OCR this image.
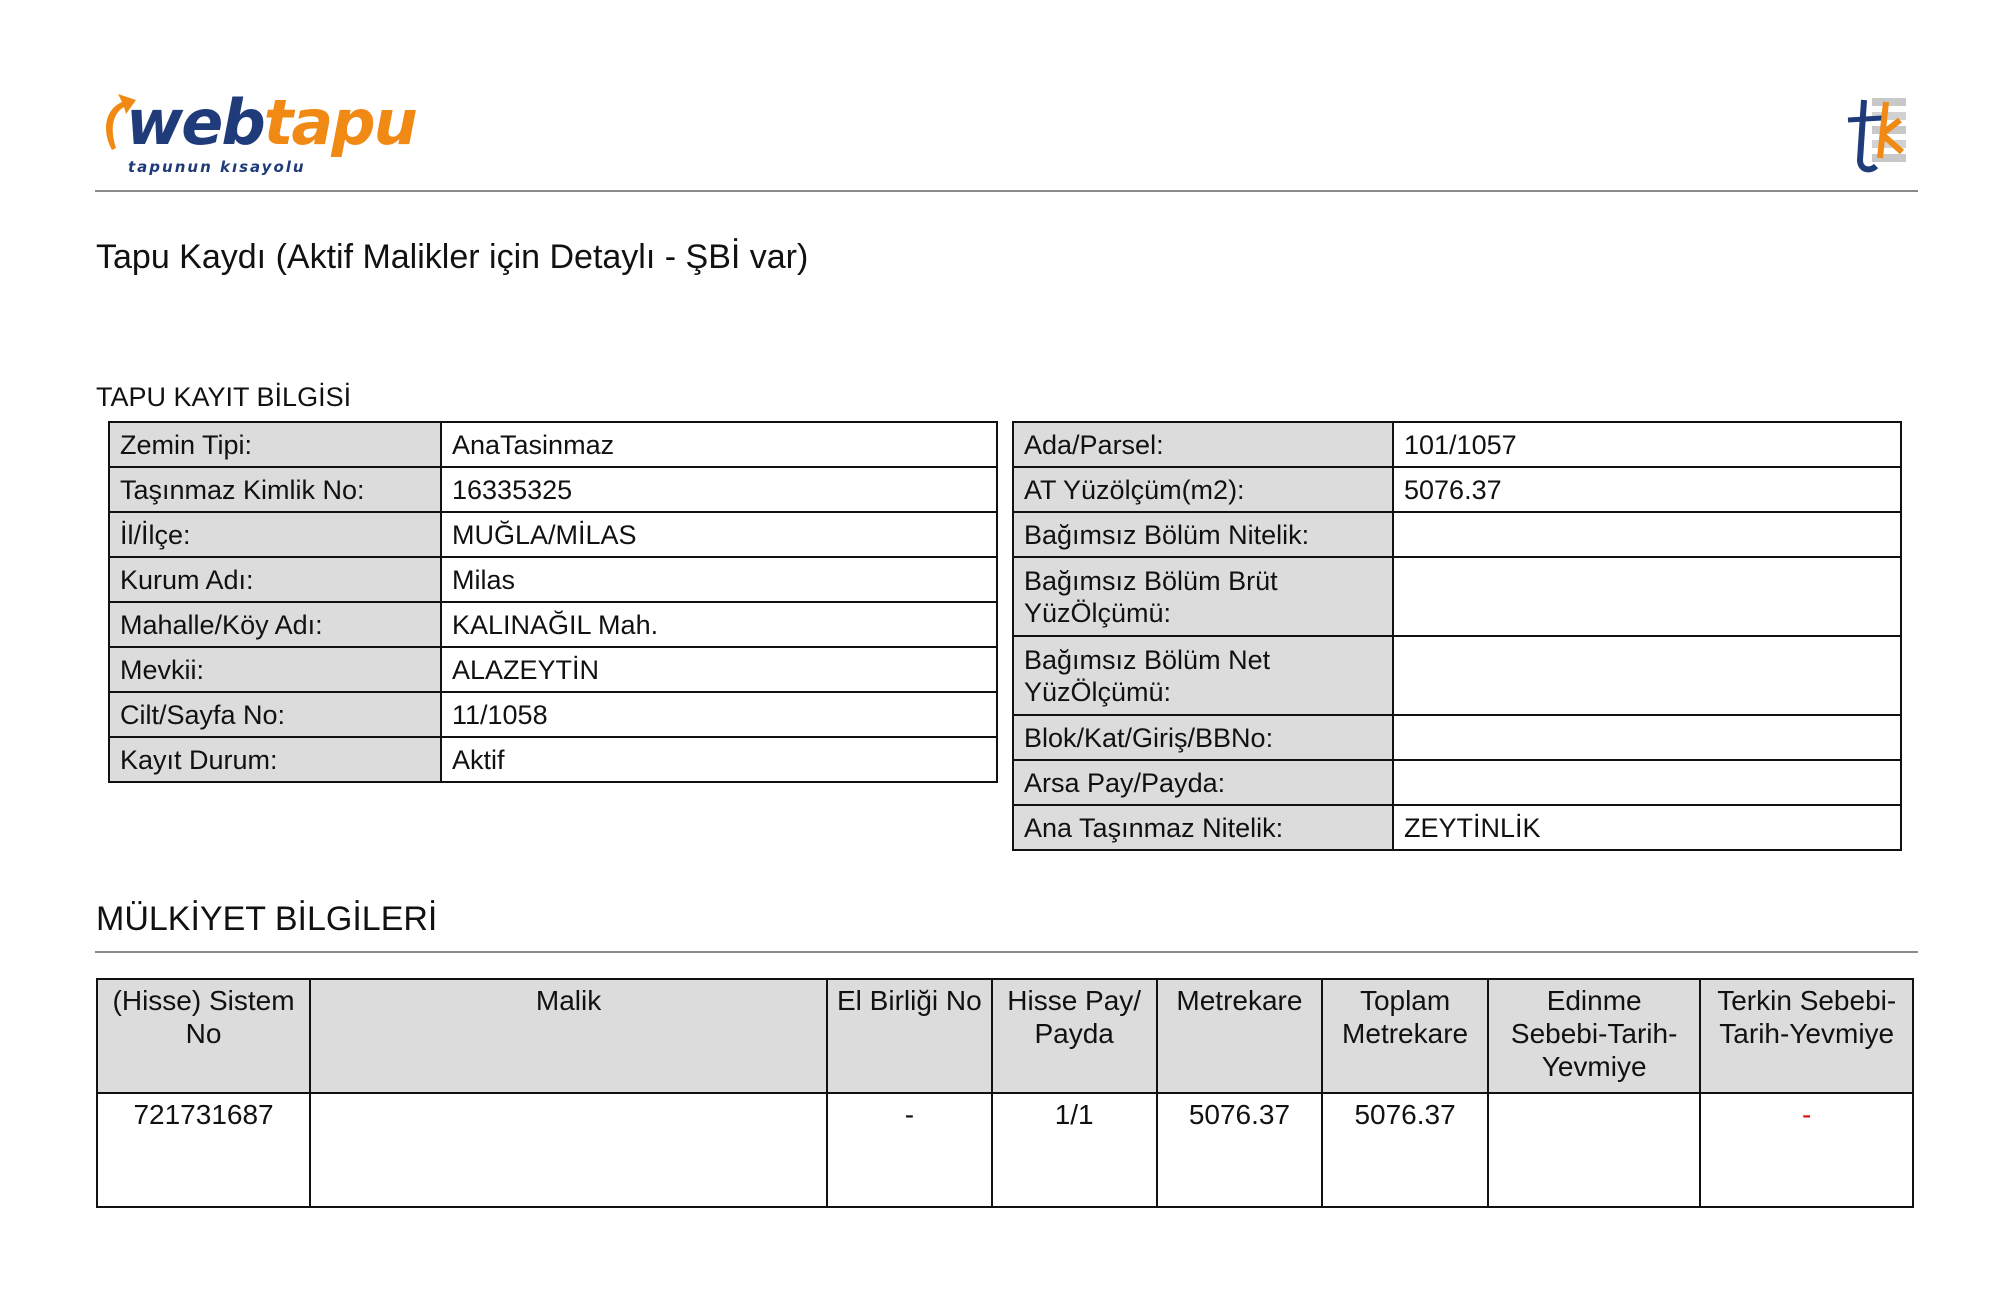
webtapu
tapunun kısayolu
Tapu Kaydı (Aktif Malikler için Detaylı - ŞBİ var)
TAPU KAYIT BİLGİSİ
Zemin Tipi:	AnaTasinmaz
Taşınmaz Kimlik No:	16335325
İl/İlçe:	MUĞLA/MİLAS
Kurum Adı:	Milas
Mahalle/Köy Adı:	KALINAĞIL Mah.
Mevkii:	ALAZEYTİN
Cilt/Sayfa No:	11/1058
Kayıt Durum:	Aktif
Ada/Parsel:	101/1057
AT Yüzölçüm(m2):	5076.37
Bağımsız Bölüm Nitelik:	
Bağımsız Bölüm Brüt YüzÖlçümü:	
Bağımsız Bölüm Net YüzÖlçümü:	
Blok/Kat/Giriş/BBNo:	
Arsa Pay/Payda:	
Ana Taşınmaz Nitelik:	ZEYTİNLİK
MÜLKİYET BİLGİLERİ
(Hisse) Sistem No	Malik	El Birliği No	Hisse Pay/ Payda	Metrekare	Toplam Metrekare	Edinme Sebebi-Tarih-Yevmiye	Terkin Sebebi-Tarih-Yevmiye
721731687		-	1/1	5076.37	5076.37		-
